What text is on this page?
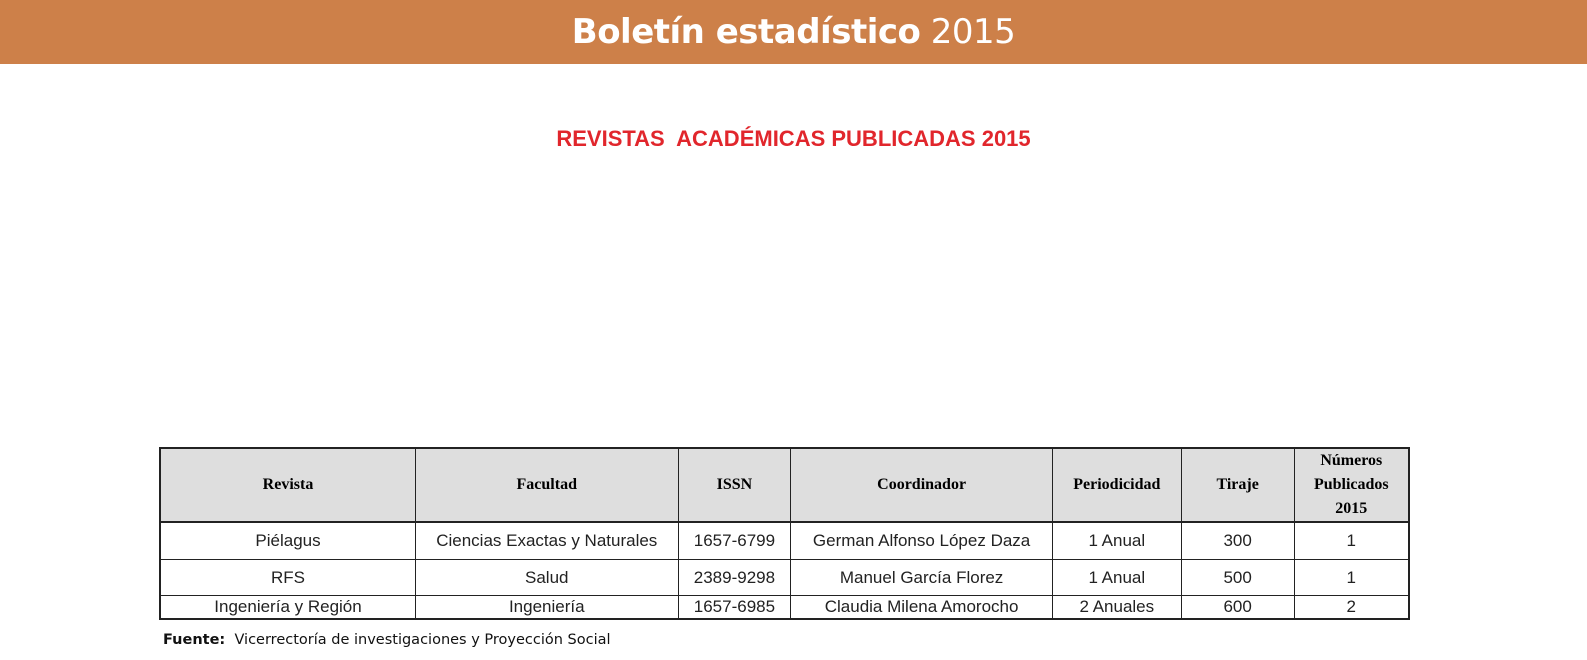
Boletín estadístico 2015
REVISTAS  ACADÉMICAS PUBLICADAS 2015
Revista	Facultad	ISSN	Coordinador	Periodicidad	Tiraje	Números
Publicados
2015

Piélagus	Ciencias Exactas y Naturales	1657-6799	German Alfonso López Daza	1 Anual	300	1
RFS	Salud	2389-9298	Manuel García Florez	1 Anual	500	1
Ingeniería y Región	Ingeniería	1657-6985	Claudia Milena Amorocho	2 Anuales	600	2
Fuente: Vicerrectoría de investigaciones y Proyección Social
